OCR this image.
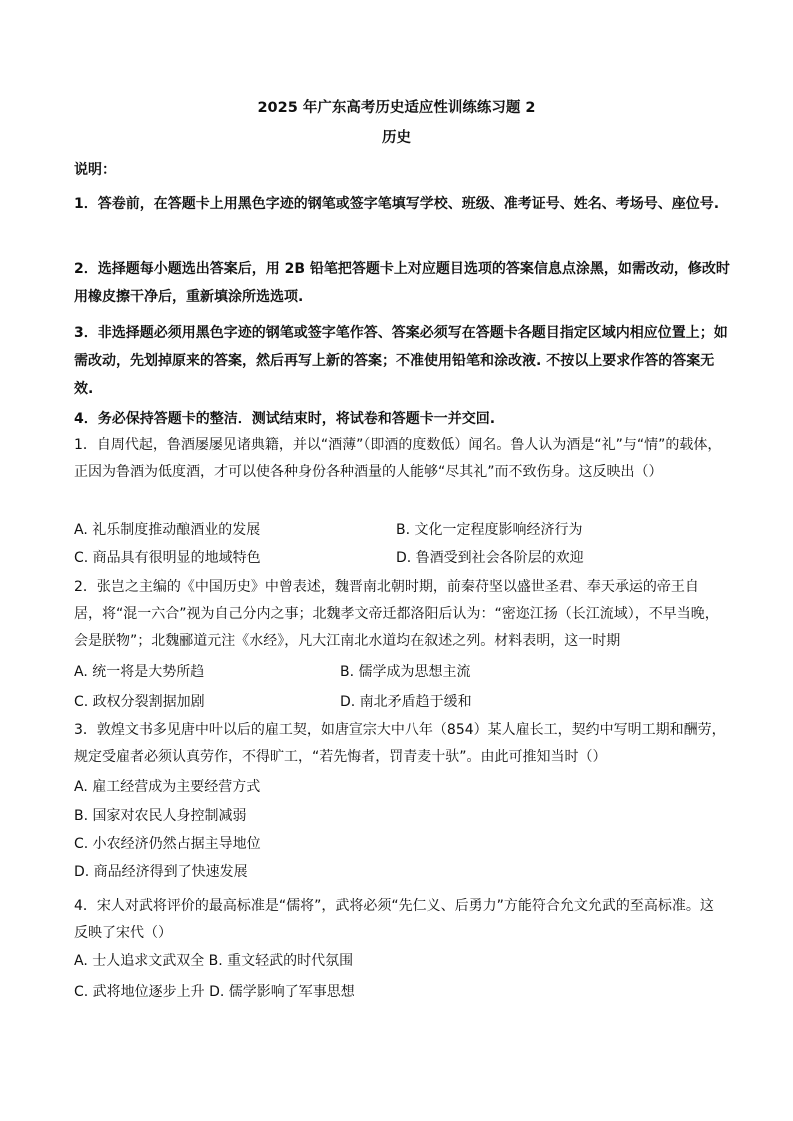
2025 年广东高考历史适应性训练练习题 2
历史
说明：
1．答卷前，在答题卡上用黑色字迹的钢笔或签字笔填写学校、班级、准考证号、姓名、考场号、座位号.
2．选择题每小题选出答案后，用 2B 铅笔把答题卡上对应题目选项的答案信息点涂黑，如需改动，修改时用橡皮擦干净后，重新填涂所选选项.
3．非选择题必须用黑色字迹的钢笔或签字笔作答、答案必须写在答题卡各题目指定区域内相应位置上；如需改动，先划掉原来的答案，然后再写上新的答案；不准使用铅笔和涂改液. 不按以上要求作答的答案无效.
4．务必保持答题卡的整洁．测试结束时，将试卷和答题卡一并交回.
1．自周代起，鲁酒屡屡见诸典籍，并以“酒薄”（即酒的度数低）闻名。鲁人认为酒是“礼”与“情”的载体，正因为鲁酒为低度酒，才可以使各种身份各种酒量的人能够“尽其礼”而不致伤身。这反映出（）
A. 礼乐制度推动酿酒业的发展	B. 文化一定程度影响经济行为
C. 商品具有很明显的地域特色	D. 鲁酒受到社会各阶层的欢迎
2．张岂之主编的《中国历史》中曾表述，魏晋南北朝时期，前秦苻坚以盛世圣君、奉天承运的帝王自居，将“混一六合”视为自己分内之事；北魏孝文帝迁都洛阳后认为：“密迩江扬（长江流域），不早当晚，会是朕物”；北魏郦道元注《水经》，凡大江南北水道均在叙述之列。材料表明，这一时期
A. 统一将是大势所趋	B. 儒学成为思想主流
C. 政权分裂割据加剧	D. 南北矛盾趋于缓和
3．敦煌文书多见唐中叶以后的雇工契，如唐宣宗大中八年（854）某人雇长工，契约中写明工期和酬劳，规定受雇者必须认真劳作，不得旷工，“若先悔者，罚青麦十驮”。由此可推知当时（）
A. 雇工经营成为主要经营方式
B. 国家对农民人身控制减弱
C. 小农经济仍然占据主导地位
D. 商品经济得到了快速发展
4．宋人对武将评价的最高标准是“儒将”，武将必须“先仁义、后勇力”方能符合允文允武的至高标准。这反映了宋代（）
A. 士人追求文武双全 B. 重文轻武的时代氛围
C. 武将地位逐步上升 D. 儒学影响了军事思想
